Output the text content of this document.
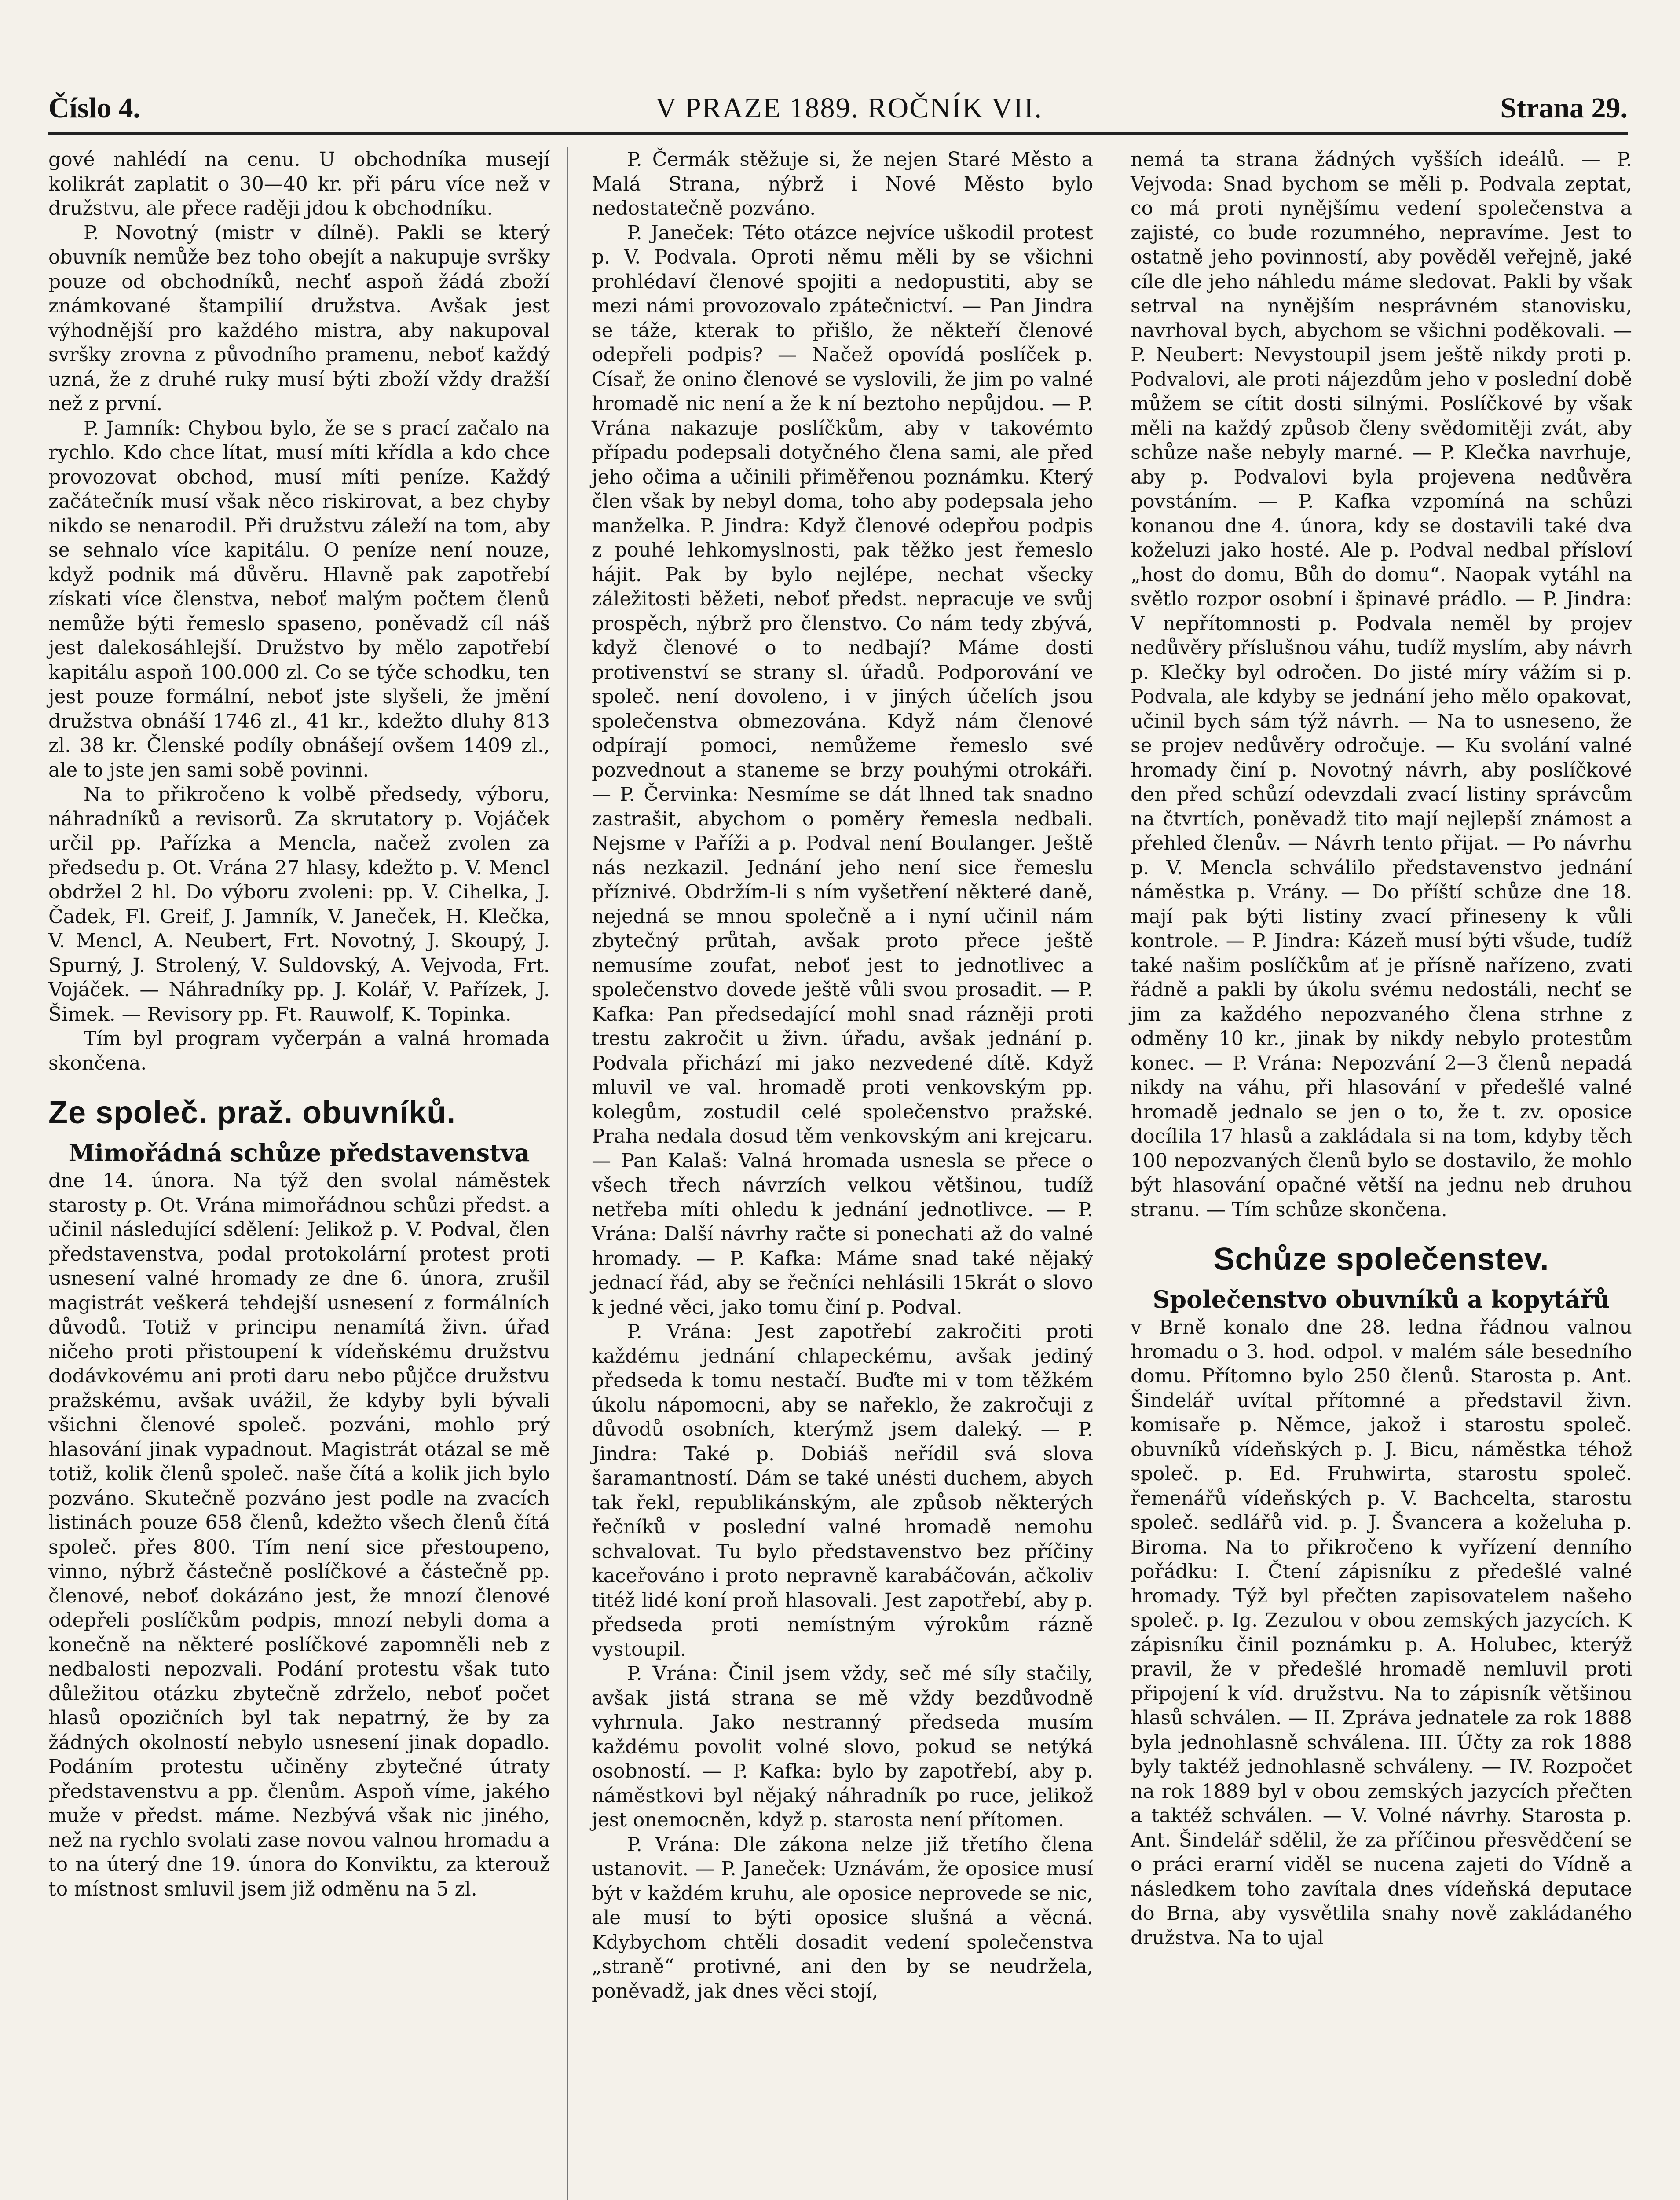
Číslo 4.	V PRAZE 1889. ROČNÍK VII.	Strana 29.

gové nahlédí na cenu. U obchodníka musejí kolikrát zaplatit o 30—40 kr. při páru více než v družstvu, ale přece raději jdou k obchodníku.

P. Novotný (mistr v dílně). Pakli se který obuvník nemůže bez toho obejít a nakupuje svršky pouze od obchodníků, nechť aspoň žádá zboží známkované štampilií družstva. Avšak jest výhodnější pro každého mistra, aby nakupoval svršky zrovna z původního pramenu, neboť každý uzná, že z druhé ruky musí býti zboží vždy dražší než z první.

P. Jamník: Chybou bylo, že se s prací začalo na rychlo. Kdo chce lítat, musí míti křídla a kdo chce provozovat obchod, musí míti peníze. Každý začátečník musí však něco riskirovat, a bez chyby nikdo se nenarodil. Při družstvu záleží na tom, aby se sehnalo více kapitálu. O peníze není nouze, když podnik má důvěru. Hlavně pak zapotřebí získati více členstva, neboť malým počtem členů nemůže býti řemeslo spaseno, poněvadž cíl náš jest dalekosáhlejší. Družstvo by mělo zapotřebí kapitálu aspoň 100.000 zl. Co se týče schodku, ten jest pouze formální, neboť jste slyšeli, že jmění družstva obnáší 1746 zl., 41 kr., kdežto dluhy 813 zl. 38 kr. Členské podíly obnášejí ovšem 1409 zl., ale to jste jen sami sobě povinni.

Na to přikročeno k volbě předsedy, výboru, náhradníků a revisorů. Za skrutatory p. Vojáček určil pp. Pařízka a Mencla, načež zvolen za předsedu p. Ot. Vrána 27 hlasy, kdežto p. V. Mencl obdržel 2 hl. Do výboru zvoleni: pp. V. Cihelka, J. Čadek, Fl. Greif, J. Jamník, V. Janeček, H. Klečka, V. Mencl, A. Neubert, Frt. Novotný, J. Skoupý, J. Spurný, J. Strolený, V. Suldovský, A. Vejvoda, Frt. Vojáček. — Náhradníky pp. J. Kolář, V. Pařízek, J. Šimek. — Revisory pp. Ft. Rauwolf, K. Topinka.

Tím byl program vyčerpán a valná hromada skončena.

Ze společ. praž. obuvníků.
Mimořádná schůze představenstva

dne 14. února. Na týž den svolal náměstek starosty p. Ot. Vrána mimořádnou schůzi předst. a učinil následující sdělení: Jelikož p. V. Podval, člen představenstva, podal protokolární protest proti usnesení valné hromady ze dne 6. února, zrušil magistrát veškerá tehdejší usnesení z formálních důvodů. Totiž v principu nenamítá živn. úřad ničeho proti přistoupení k vídeňskému družstvu dodávkovému ani proti daru nebo půjčce družstvu pražskému, avšak uvážil, že kdyby byli bývali všichni členové společ. pozváni, mohlo prý hlasování jinak vypadnout. Magistrát otázal se mě totiž, kolik členů společ. naše čítá a kolik jich bylo pozváno. Skutečně pozváno jest podle na zvacích listinách pouze 658 členů, kdežto všech členů čítá společ. přes 800. Tím není sice přestoupeno, vinno, nýbrž částečně poslíčkové a částečně pp. členové, neboť dokázáno jest, že mnozí členové odepřeli poslíčkům podpis, mnozí nebyli doma a konečně na některé poslíčkové zapomněli neb z nedbalosti nepozvali. Podání protestu však tuto důležitou otázku zbytečně zdrželo, neboť počet hlasů opozičních byl tak nepatrný, že by za žádných okolností nebylo usnesení jinak dopadlo. Podáním protestu učiněny zbytečné útraty představenstvu a pp. členům. Aspoň víme, jakého muže v předst. máme. Nezbývá však nic jiného, než na rychlo svolati zase novou valnou hromadu a to na úterý dne 19. února do Konviktu, za kterouž to místnost smluvil jsem již odměnu na 5 zl.

P. Čermák stěžuje si, že nejen Staré Město a Malá Strana, nýbrž i Nové Město bylo nedostatečně pozváno.

P. Janeček: Této otázce nejvíce uškodil protest p. V. Podvala. Oproti němu měli by se všichni prohlédaví členové spojiti a nedopustiti, aby se mezi námi provozovalo zpátečnictví. — Pan Jindra se táže, kterak to přišlo, že někteří členové odepřeli podpis? — Načež opovídá poslíček p. Císař, že onino členové se vyslovili, že jim po valné hromadě nic není a že k ní beztoho nepůjdou. — P. Vrána nakazuje poslíčkům, aby v takovémto případu podepsali dotyčného člena sami, ale před jeho očima a učinili přiměřenou poznámku. Který člen však by nebyl doma, toho aby podepsala jeho manželka. P. Jindra: Když členové odepřou podpis z pouhé lehkomyslnosti, pak těžko jest řemeslo hájit. Pak by bylo nejlépe, nechat všecky záležitosti běžeti, neboť předst. nepracuje ve svůj prospěch, nýbrž pro členstvo. Co nám tedy zbývá, když členové o to nedbají? Máme dosti protivenství se strany sl. úřadů. Podporování ve společ. není dovoleno, i v jiných účelích jsou společenstva obmezována. Když nám členové odpírají pomoci, nemůžeme řemeslo své pozvednout a staneme se brzy pouhými otrokáři. — P. Červinka: Nesmíme se dát lhned tak snadno zastrašit, abychom o poměry řemesla nedbali. Nejsme v Paříži a p. Podval není Boulanger. Ještě nás nezkazil. Jednání jeho není sice řemeslu příznivé. Obdržím-li s ním vyšetření některé daně, nejedná se mnou společně a i nyní učinil nám zbytečný průtah, avšak proto přece ještě nemusíme zoufat, neboť jest to jednotlivec a společenstvo dovede ještě vůli svou prosadit. — P. Kafka: Pan předsedající mohl snad rázněji proti trestu zakročit u živn. úřadu, avšak jednání p. Podvala přichází mi jako nezvedené dítě. Když mluvil ve val. hromadě proti venkovským pp. kolegům, zostudil celé společenstvo pražské. Praha nedala dosud těm venkovským ani krejcaru. — Pan Kalaš: Valná hromada usnesla se přece o všech třech návrzích velkou většinou, tudíž netřeba míti ohledu k jednání jednotlivce. — P. Vrána: Další návrhy račte si ponechati až do valné hromady. — P. Kafka: Máme snad také nějaký jednací řád, aby se řečníci nehlásili 15krát o slovo k jedné věci, jako tomu činí p. Podval.

P. Vrána: Jest zapotřebí zakročiti proti každému jednání chlapeckému, avšak jediný předseda k tomu nestačí. Buďte mi v tom těžkém úkolu nápomocni, aby se nařeklo, že zakročuji z důvodů osobních, kterýmž jsem daleký. — P. Jindra: Také p. Dobiáš neřídil svá slova šaramantností. Dám se také unésti duchem, abych tak řekl, republikánským, ale způsob některých řečníků v poslední valné hromadě nemohu schvalovat. Tu bylo představenstvo bez příčiny kaceřováno i proto nepravně karabáčován, ačkoliv titéž lidé koní proň hlasovali. Jest zapotřebí, aby p. předseda proti nemístným výrokům rázně vystoupil.

P. Vrána: Činil jsem vždy, seč mé síly stačily, avšak jistá strana se mě vždy bezdůvodně vyhrnula. Jako nestranný předseda musím každému povolit volné slovo, pokud se netýká osobností. — P. Kafka: bylo by zapotřebí, aby p. náměstkovi byl nějaký náhradník po ruce, jelikož jest onemocněn, když p. starosta není přítomen.

P. Vrána: Dle zákona nelze již třetího člena ustanovit. — P. Janeček: Uznávám, že oposice musí být v každém kruhu, ale oposice neprovede se nic, ale musí to býti oposice slušná a věcná. Kdybychom chtěli dosadit vedení společenstva „straně“ protivné, ani den by se neudržela, poněvadž, jak dnes věci stojí,

nemá ta strana žádných vyšších ideálů. — P. Vejvoda: Snad bychom se měli p. Podvala zeptat, co má proti nynějšímu vedení společenstva a zajisté, co bude rozumného, nepravíme. Jest to ostatně jeho povinností, aby pověděl veřejně, jaké cíle dle jeho náhledu máme sledovat. Pakli by však setrval na nynějším nesprávném stanovisku, navrhoval bych, abychom se všichni poděkovali. — P. Neubert: Nevystoupil jsem ještě nikdy proti p. Podvalovi, ale proti nájezdům jeho v poslední době můžem se cítit dosti silnými. Poslíčkové by však měli na každý způsob členy svědomitěji zvát, aby schůze naše nebyly marné. — P. Klečka navrhuje, aby p. Podvalovi byla projevena nedůvěra povstáním. — P. Kafka vzpomíná na schůzi konanou dne 4. února, kdy se dostavili také dva koželuzi jako hosté. Ale p. Podval nedbal přísloví „host do domu, Bůh do domu“. Naopak vytáhl na světlo rozpor osobní i špinavé prádlo. — P. Jindra: V nepřítomnosti p. Podvala neměl by projev nedůvěry příslušnou váhu, tudíž myslím, aby návrh p. Klečky byl odročen. Do jisté míry vážím si p. Podvala, ale kdyby se jednání jeho mělo opakovat, učinil bych sám týž návrh. — Na to usneseno, že se projev nedůvěry odročuje. — Ku svolání valné hromady činí p. Novotný návrh, aby poslíčkové den před schůzí odevzdali zvací listiny správcům na čtvrtích, poněvadž tito mají nejlepší známost a přehled členův. — Návrh tento přijat. — Po návrhu p. V. Mencla schválilo představenstvo jednání náměstka p. Vrány. — Do příští schůze dne 18. mají pak býti listiny zvací přineseny k vůli kontrole. — P. Jindra: Kázeň musí býti všude, tudíž také našim poslíčkům ať je přísně nařízeno, zvati řádně a pakli by úkolu svému nedostáli, nechť se jim za každého nepozvaného člena strhne z odměny 10 kr., jinak by nikdy nebylo protestům konec. — P. Vrána: Nepozvání 2—3 členů nepadá nikdy na váhu, při hlasování v předešlé valné hromadě jednalo se jen o to, že t. zv. oposice docílila 17 hlasů a zakládala si na tom, kdyby těch 100 nepozvaných členů bylo se dostavilo, že mohlo být hlasování opačné větší na jednu neb druhou stranu. — Tím schůze skončena.

Schůze společenstev.
Společenstvo obuvníků a kopytářů

v Brně konalo dne 28. ledna řádnou valnou hromadu o 3. hod. odpol. v malém sále besedního domu. Přítomno bylo 250 členů. Starosta p. Ant. Šindelář uvítal přítomné a představil živn. komisaře p. Němce, jakož i starostu společ. obuvníků vídeňských p. J. Bicu, náměstka téhož společ. p. Ed. Fruhwirta, starostu společ. řemenářů vídeňských p. V. Bachcelta, starostu společ. sedlářů vid. p. J. Švancera a koželuha p. Biroma. Na to přikročeno k vyřízení denního pořádku: I. Čtení zápisníku z předešlé valné hromady. Týž byl přečten zapisovatelem našeho společ. p. Ig. Zezulou v obou zemských jazycích. K zápisníku činil poznámku p. A. Holubec, kterýž pravil, že v předešlé hromadě nemluvil proti připojení k víd. družstvu. Na to zápisník většinou hlasů schválen. — II. Zpráva jednatele za rok 1888 byla jednohlasně schválena. III. Účty za rok 1888 byly taktéž jednohlasně schváleny. — IV. Rozpočet na rok 1889 byl v obou zemských jazycích přečten a taktéž schválen. — V. Volné návrhy. Starosta p. Ant. Šindelář sdělil, že za příčinou přesvědčení se o práci erarní viděl se nucena zajeti do Vídně a následkem toho zavítala dnes vídeňská deputace do Brna, aby vysvětlila snahy nově zakládaného družstva. Na to ujal
